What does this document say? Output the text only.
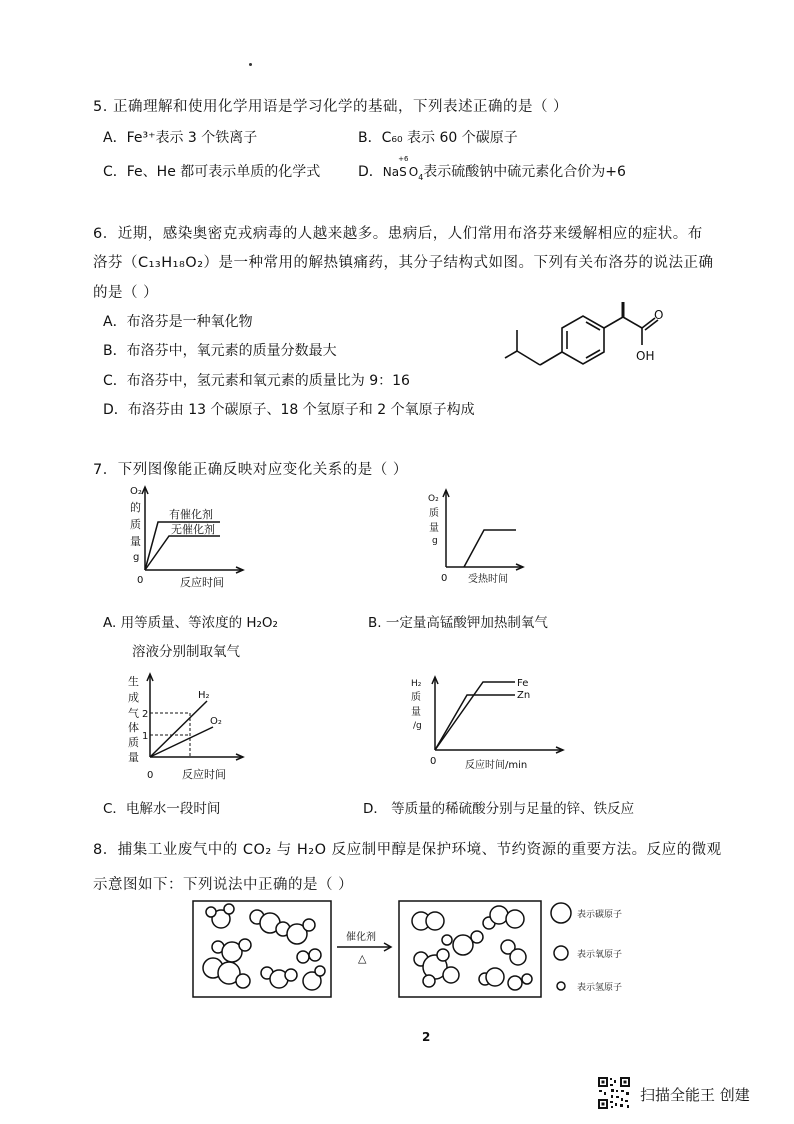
5. 正确理解和使用化学用语是学习化学的基础，下列表述正确的是（ ）
A．Fe³⁺表示 3 个铁离子	B．C₆₀ 表示 60 个碳原子
C．Fe、He 都可表示单质的化学式	D．Na
+6
S $O_4$表示硫酸钠中硫元素化合价为+6
6．近期，感染奥密克戎病毒的人越来越多。患病后，人们常用布洛芬来缓解相应的症状。布
洛芬（C₁₃H₁₈O₂）是一种常用的解热镇痛药，其分子结构式如图。下列有关布洛芬的说法正确
的是（ ）
A．布洛芬是一种氧化物
B．布洛芬中，氧元素的质量分数最大
C．布洛芬中，氢元素和氧元素的质量比为 9：16
D．布洛芬由 13 个碳原子、18 个氢原子和 2 个氧原子构成
O
OH
7．下列图像能正确反映对应变化关系的是（ ）
O₂
的
质
量
g
0	反应时间
有催化剂
无催化剂
A. 用等质量、等浓度的 H₂O₂
溶液分别制取氧气
O₂
质
量
g
0 受热时间
B. 一定量高锰酸钾加热制氧气
生
成
气
体
质
量
2
1
0	反应时间
H₂
O₂
C．电解水一段时间
H₂
质
量
/g
0	反应时间/min
Fe
Zn
D． 等质量的稀硫酸分别与足量的锌、铁反应
8．捕集工业废气中的 CO₂ 与 H₂O 反应制甲醇是保护环境、节约资源的重要方法。反应的微观
示意图如下：下列说法中正确的是（ ）
催化剂
△
表示碳原子
表示氧原子
表示氢原子
2
扫描全能王 创建
